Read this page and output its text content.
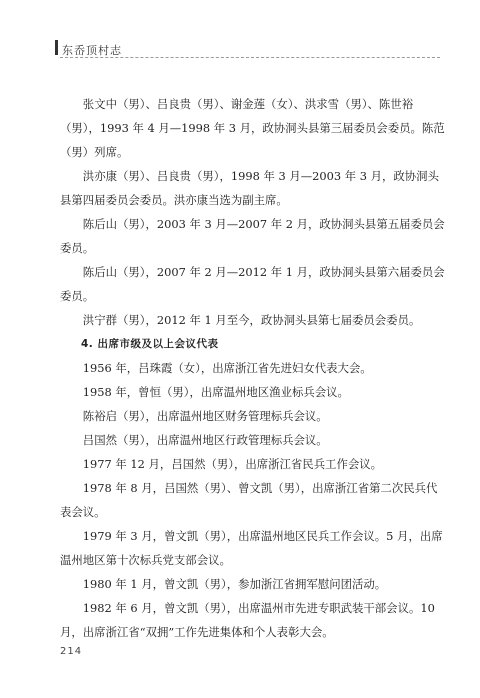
东岙顶村志

张文中（男）、吕良贵（男）、谢金莲（女）、洪求雪（男）、陈世裕（男），1993 年 4 月—1998 年 3 月，政协洞头县第三届委员会委员。陈范（男）列席。

洪亦康（男）、吕良贵（男），1998 年 3 月—2003 年 3 月，政协洞头县第四届委员会委员。洪亦康当选为副主席。

陈后山（男），2003 年 3 月—2007 年 2 月，政协洞头县第五届委员会委员。

陈后山（男），2007 年 2 月—2012 年 1 月，政协洞头县第六届委员会委员。

洪宁群（男），2012 年 1 月至今，政协洞头县第七届委员会委员。

4. 出席市级及以上会议代表

1956 年，吕珠霞（女），出席浙江省先进妇女代表大会。

1958 年，曾恒（男），出席温州地区渔业标兵会议。

陈裕启（男），出席温州地区财务管理标兵会议。

吕国然（男），出席温州地区行政管理标兵会议。

1977 年 12 月，吕国然（男），出席浙江省民兵工作会议。

1978 年 8 月，吕国然（男）、曾文凯（男），出席浙江省第二次民兵代表会议。

1979 年 3 月，曾文凯（男），出席温州地区民兵工作会议。5 月，出席温州地区第十次标兵党支部会议。

1980 年 1 月，曾文凯（男），参加浙江省拥军慰问团活动。

1982 年 6 月，曾文凯（男），出席温州市先进专职武装干部会议。10 月，出席浙江省“双拥”工作先进集体和个人表彰大会。

214
